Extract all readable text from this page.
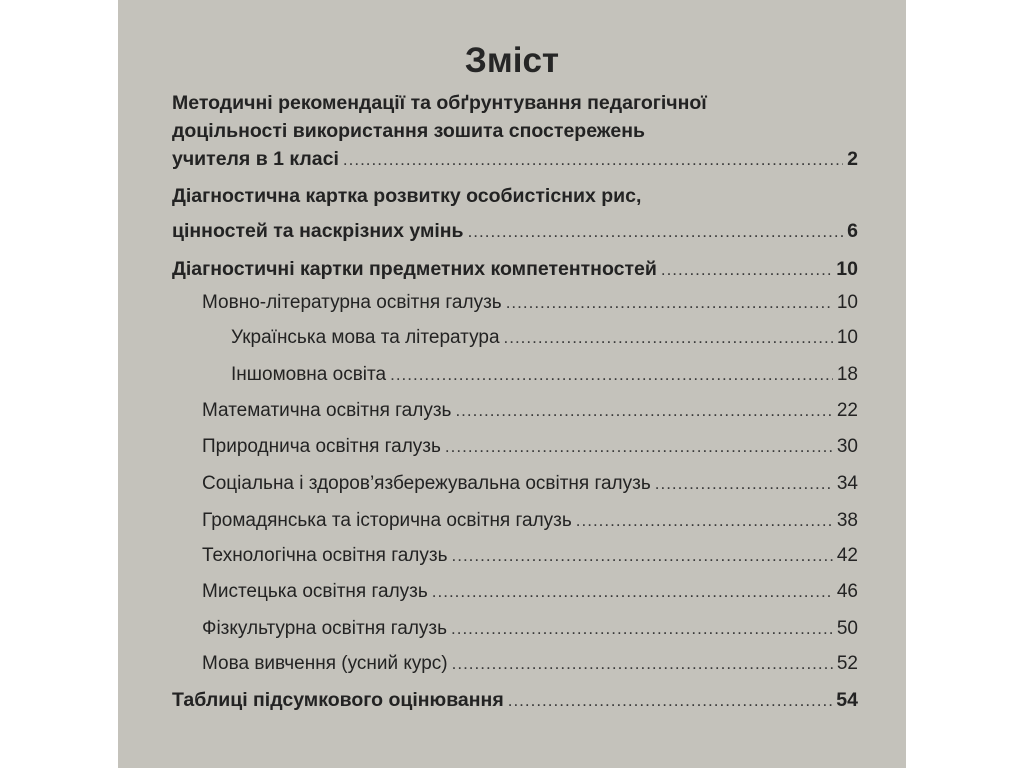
Зміст
Методичні рекомендації та обґрунтування педагогічної
доцільності використання зошита спостережень
учителя в 1 класі .....	2
Діагностична картка розвитку особистісних рис,
цінностей та наскрізних умінь .....	6
Діагностичні картки предметних компетентностей .....	10
Мовно-літературна освітня галузь .....	10
Українська мова та література .....	10
Іншомовна освіта .....	18
Математична освітня галузь .....	22
Природнича освітня галузь .....	30
Соціальна і здоров’язбережувальна освітня галузь .....	34
Громадянська та історична освітня галузь .....	38
Технологічна освітня галузь .....	42
Мистецька освітня галузь .....	46
Фізкультурна освітня галузь .....	50
Мова вивчення (усний курс) .....	52
Таблиці підсумкового оцінювання .....	54
